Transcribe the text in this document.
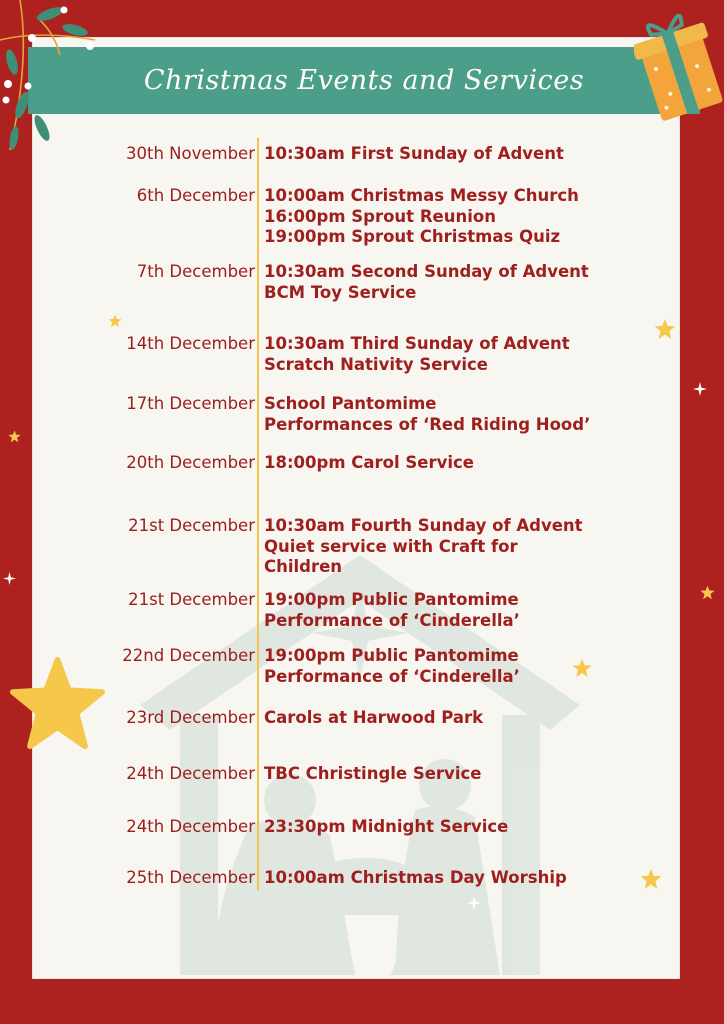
Christmas Events and Services
30th November 10:30am First Sunday of Advent
6th December 10:00am Christmas Messy Church
16:00pm Sprout Reunion
19:00pm Sprout Christmas Quiz
7th December 10:30am Second Sunday of Advent
BCM Toy Service
14th December 10:30am Third Sunday of Advent
Scratch Nativity Service
17th December School Pantomime
Performances of ‘Red Riding Hood’
20th December 18:00pm Carol Service
21st December 10:30am Fourth Sunday of Advent
Quiet service with Craft for
Children
21st December 19:00pm Public Pantomime
Performance of ‘Cinderella’
22nd December 19:00pm Public Pantomime
Performance of ‘Cinderella’
23rd December Carols at Harwood Park
24th December TBC Christingle Service
24th December 23:30pm Midnight Service
25th December 10:00am Christmas Day Worship
